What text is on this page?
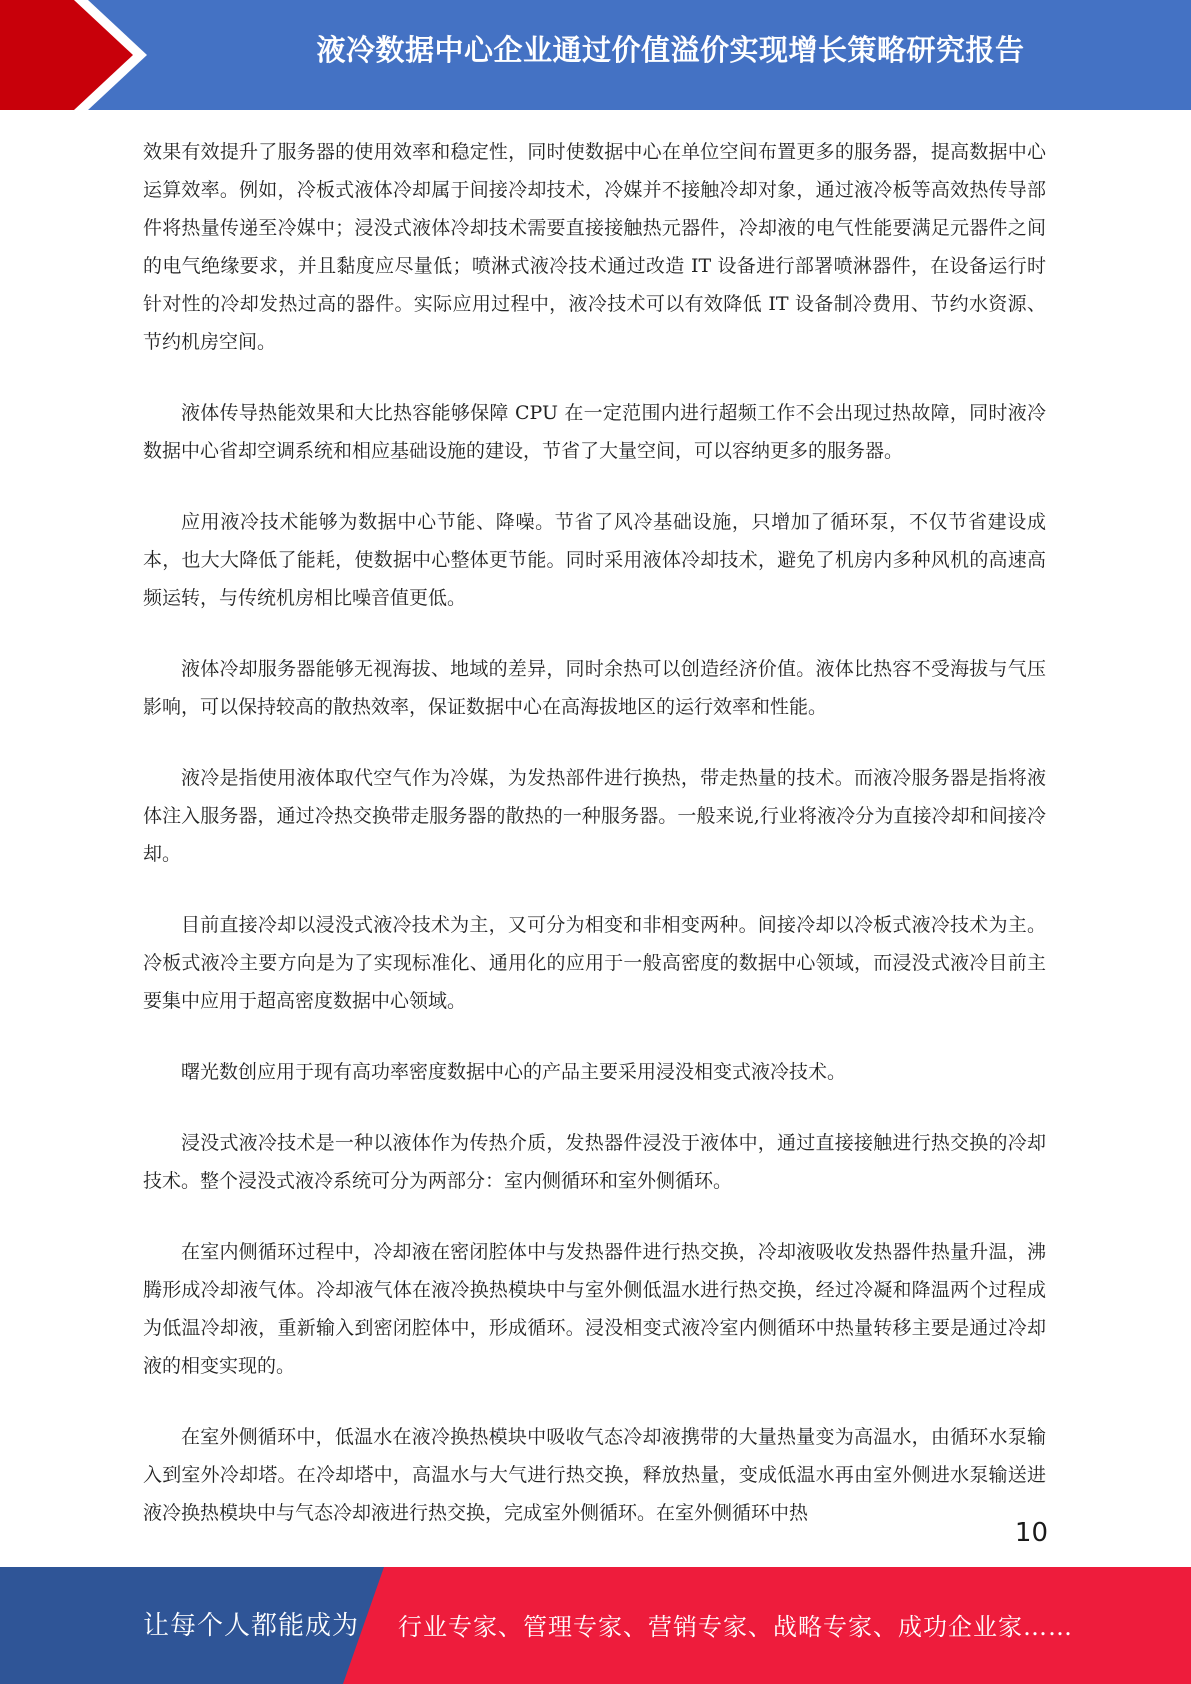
液冷数据中心企业通过价值溢价实现增长策略研究报告

效果有效提升了服务器的使用效率和稳定性，同时使数据中心在单位空间布置更多的服务器，提高数据中心运算效率。例如，冷板式液体冷却属于间接冷却技术，冷媒并不接触冷却对象，通过液冷板等高效热传导部件将热量传递至冷媒中；浸没式液体冷却技术需要直接接触热元器件，冷却液的电气性能要满足元器件之间的电气绝缘要求，并且黏度应尽量低；喷淋式液冷技术通过改造 IT 设备进行部署喷淋器件，在设备运行时针对性的冷却发热过高的器件。实际应用过程中，液冷技术可以有效降低 IT 设备制冷费用、节约水资源、节约机房空间。

液体传导热能效果和大比热容能够保障 CPU 在一定范围内进行超频工作不会出现过热故障，同时液冷数据中心省却空调系统和相应基础设施的建设，节省了大量空间，可以容纳更多的服务器。

应用液冷技术能够为数据中心节能、降噪。节省了风冷基础设施，只增加了循环泵，不仅节省建设成本，也大大降低了能耗，使数据中心整体更节能。同时采用液体冷却技术，避免了机房内多种风机的高速高频运转，与传统机房相比噪音值更低。

液体冷却服务器能够无视海拔、地域的差异，同时余热可以创造经济价值。液体比热容不受海拔与气压影响，可以保持较高的散热效率，保证数据中心在高海拔地区的运行效率和性能。

液冷是指使用液体取代空气作为冷媒，为发热部件进行换热，带走热量的技术。而液冷服务器是指将液体注入服务器，通过冷热交换带走服务器的散热的一种服务器。一般来说,行业将液冷分为直接冷却和间接冷却。

目前直接冷却以浸没式液冷技术为主，又可分为相变和非相变两种。间接冷却以冷板式液冷技术为主。冷板式液冷主要方向是为了实现标准化、通用化的应用于一般高密度的数据中心领域，而浸没式液冷目前主要集中应用于超高密度数据中心领域。

曙光数创应用于现有高功率密度数据中心的产品主要采用浸没相变式液冷技术。

浸没式液冷技术是一种以液体作为传热介质，发热器件浸没于液体中，通过直接接触进行热交换的冷却技术。整个浸没式液冷系统可分为两部分：室内侧循环和室外侧循环。

在室内侧循环过程中，冷却液在密闭腔体中与发热器件进行热交换，冷却液吸收发热器件热量升温，沸腾形成冷却液气体。冷却液气体在液冷换热模块中与室外侧低温水进行热交换，经过冷凝和降温两个过程成为低温冷却液，重新输入到密闭腔体中，形成循环。浸没相变式液冷室内侧循环中热量转移主要是通过冷却液的相变实现的。

在室外侧循环中，低温水在液冷换热模块中吸收气态冷却液携带的大量热量变为高温水，由循环水泵输入到室外冷却塔。在冷却塔中，高温水与大气进行热交换，释放热量，变成低温水再由室外侧进水泵输送进液冷换热模块中与气态冷却液进行热交换，完成室外侧循环。在室外侧循环中热

10
让每个人都能成为 行业专家、管理专家、营销专家、战略专家、成功企业家……
